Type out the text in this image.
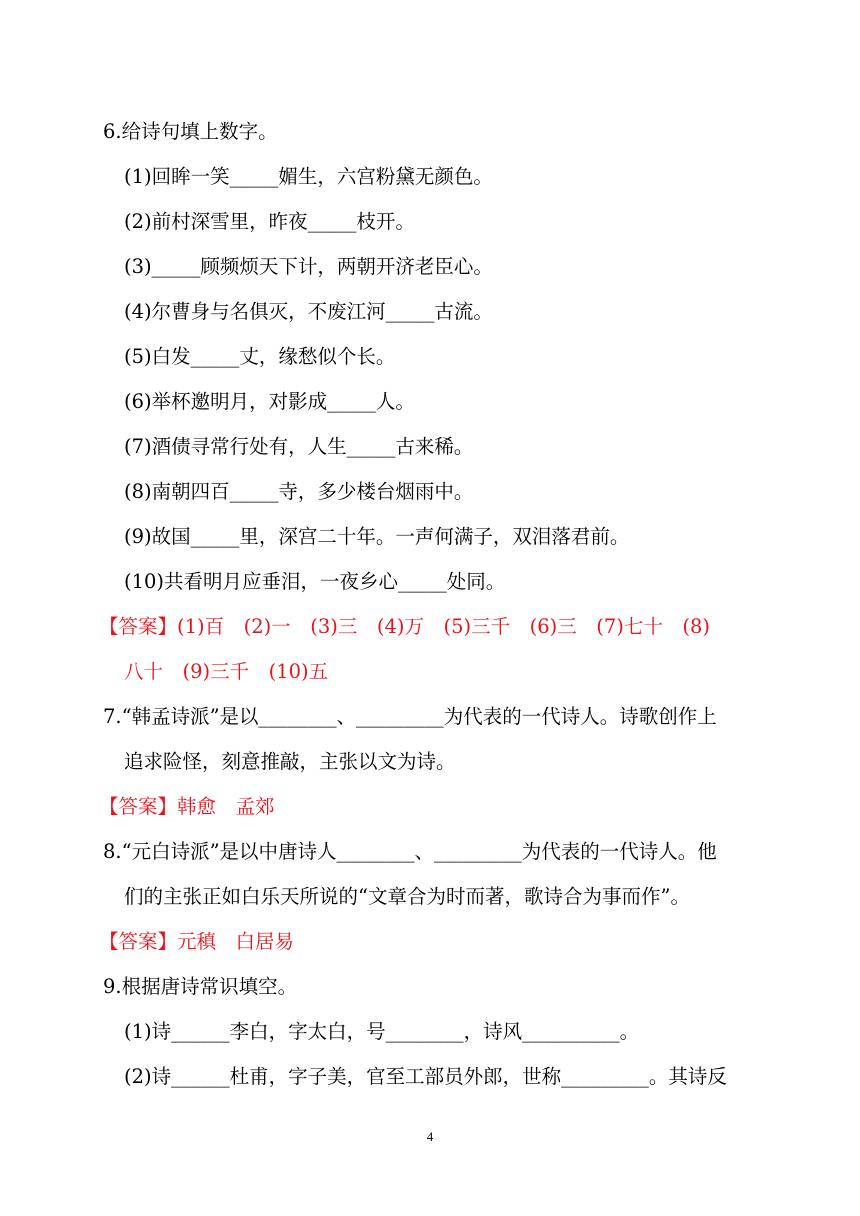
6.给诗句填上数字。
(1)回眸一笑_____媚生，六宫粉黛无颜色。
(2)前村深雪里，昨夜_____枝开。
(3)_____顾频烦天下计，两朝开济老臣心。
(4)尔曹身与名俱灭，不废江河_____古流。
(5)白发_____丈，缘愁似个长。
(6)举杯邀明月，对影成_____人。
(7)酒债寻常行处有，人生_____古来稀。
(8)南朝四百_____寺，多少楼台烟雨中。
(9)故国_____里，深宫二十年。一声何满子，双泪落君前。
(10)共看明月应垂泪，一夜乡心_____处同。
【答案】(1)百　(2)一　(3)三　(4)万　(5)三千　(6)三　(7)七十　(8)
八十　(9)三千　(10)五
7.“韩孟诗派”是以________、_________为代表的一代诗人。诗歌创作上
追求险怪，刻意推敲，主张以文为诗。
【答案】韩愈　孟郊
8.“元白诗派”是以中唐诗人________、_________为代表的一代诗人。他
们的主张正如白乐天所说的“文章合为时而著，歌诗合为事而作”。
【答案】元稹　白居易
9.根据唐诗常识填空。
(1)诗______李白，字太白，号________，诗风__________。
(2)诗______杜甫，字子美，官至工部员外郎，世称_________。其诗反
4
